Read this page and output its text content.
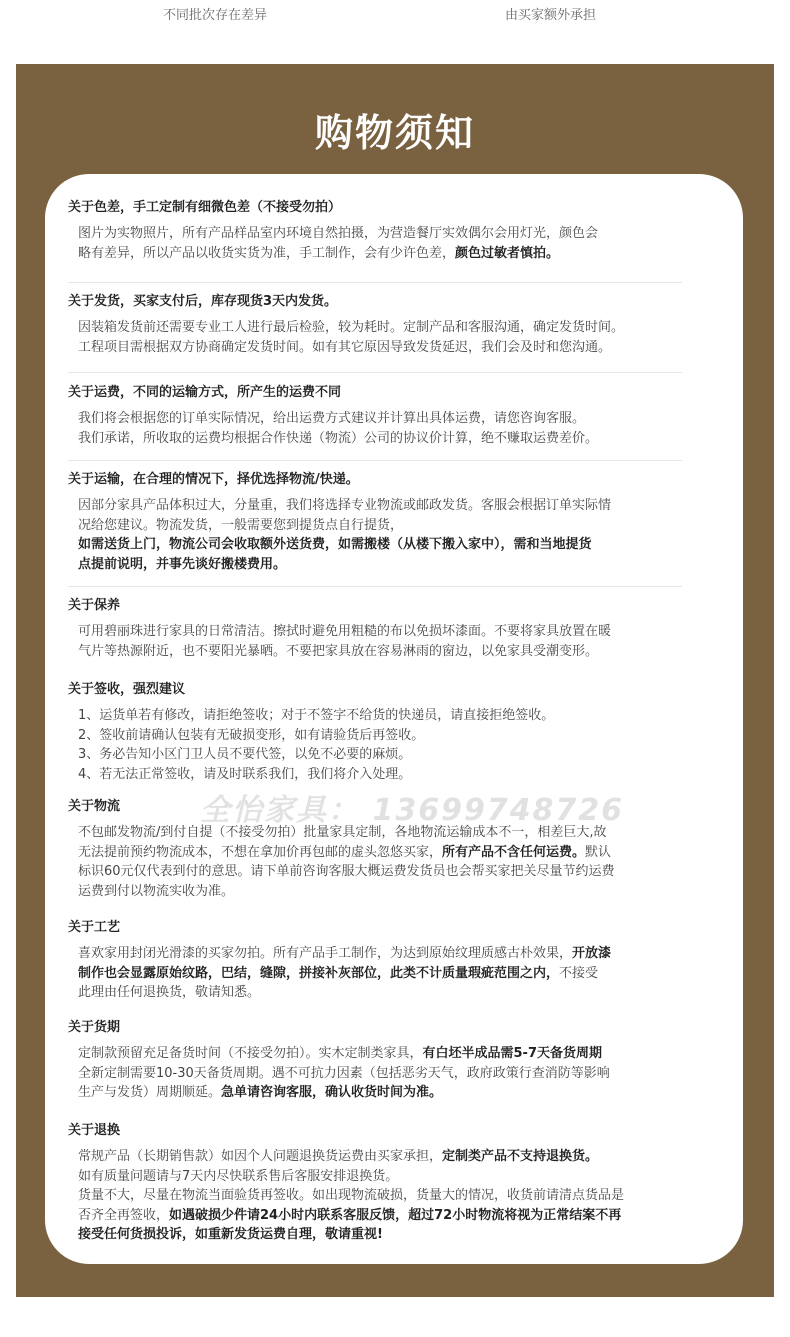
不同批次存在差异	由买家额外承担
购物须知
关于色差，手工定制有细微色差（不接受勿拍）

图片为实物照片，所有产品样品室内环境自然拍摄，为营造餐厅实效偶尔会用灯光，颜色会

略有差异，所以产品以收货实货为准，手工制作，会有少许色差，颜色过敏者慎拍。

关于发货，买家支付后，库存现货3天内发货。

因装箱发货前还需要专业工人进行最后检验，较为耗时。定制产品和客服沟通，确定发货时间。

工程项目需根据双方协商确定发货时间。如有其它原因导致发货延迟，我们会及时和您沟通。

关于运费，不同的运输方式，所产生的运费不同

我们将会根据您的订单实际情况，给出运费方式建议并计算出具体运费，请您咨询客服。

我们承诺，所收取的运费均根据合作快递（物流）公司的协议价计算，绝不赚取运费差价。

关于运输，在合理的情况下，择优选择物流/快递。

因部分家具产品体积过大，分量重，我们将选择专业物流或邮政发货。客服会根据订单实际情

况给您建议。物流发货，一般需要您到提货点自行提货，

如需送货上门，物流公司会收取额外送货费，如需搬楼（从楼下搬入家中），需和当地提货

点提前说明，并事先谈好搬楼费用。

关于保养

可用碧丽珠进行家具的日常清洁。擦拭时避免用粗糙的布以免损坏漆面。不要将家具放置在暖

气片等热源附近，也不要阳光暴晒。不要把家具放在容易淋雨的窗边，以免家具受潮变形。

关于签收，强烈建议

1、运货单若有修改，请拒绝签收；对于不签字不给货的快递员，请直接拒绝签收。

2、签收前请确认包装有无破损变形，如有请验货后再签收。

3、务必告知小区门卫人员不要代签，以免不必要的麻烦。

4、若无法正常签收，请及时联系我们，我们将介入处理。

关于物流

不包邮发物流/到付自提（不接受勿拍）批量家具定制，各地物流运输成本不一，相差巨大,故

无法提前预约物流成本，不想在拿加价再包邮的虚头忽悠买家，所有产品不含任何运费。默认

标识60元仅代表到付的意思。请下单前咨询客服大概运费发货员也会帮买家把关尽量节约运费

运费到付以物流实收为准。

关于工艺

喜欢家用封闭光滑漆的买家勿拍。所有产品手工制作，为达到原始纹理质感古朴效果，开放漆

制作也会显露原始纹路，巴结，缝隙，拼接补灰部位，此类不计质量瑕疵范围之内，不接受

此理由任何退换货，敬请知悉。

关于货期

定制款预留充足备货时间（不接受勿拍）。实木定制类家具，有白坯半成品需5-7天备货周期

全新定制需要10-30天备货周期。遇不可抗力因素（包括恶劣天气，政府政策行查消防等影响

生产与发货）周期顺延。急单请咨询客服，确认收货时间为准。

关于退换

常规产品（长期销售款）如因个人问题退换货运费由买家承担，定制类产品不支持退换货。

如有质量问题请与7天内尽快联系售后客服安排退换货。

货量不大，尽量在物流当面验货再签收。如出现物流破损，货量大的情况，收货前请清点货品是

否齐全再签收，如遇破损少件请24小时内联系客服反馈，超过72小时物流将视为正常结案不再

接受任何货损投诉，如重新发货运费自理，敬请重视!

全怡家具： 13699748726
